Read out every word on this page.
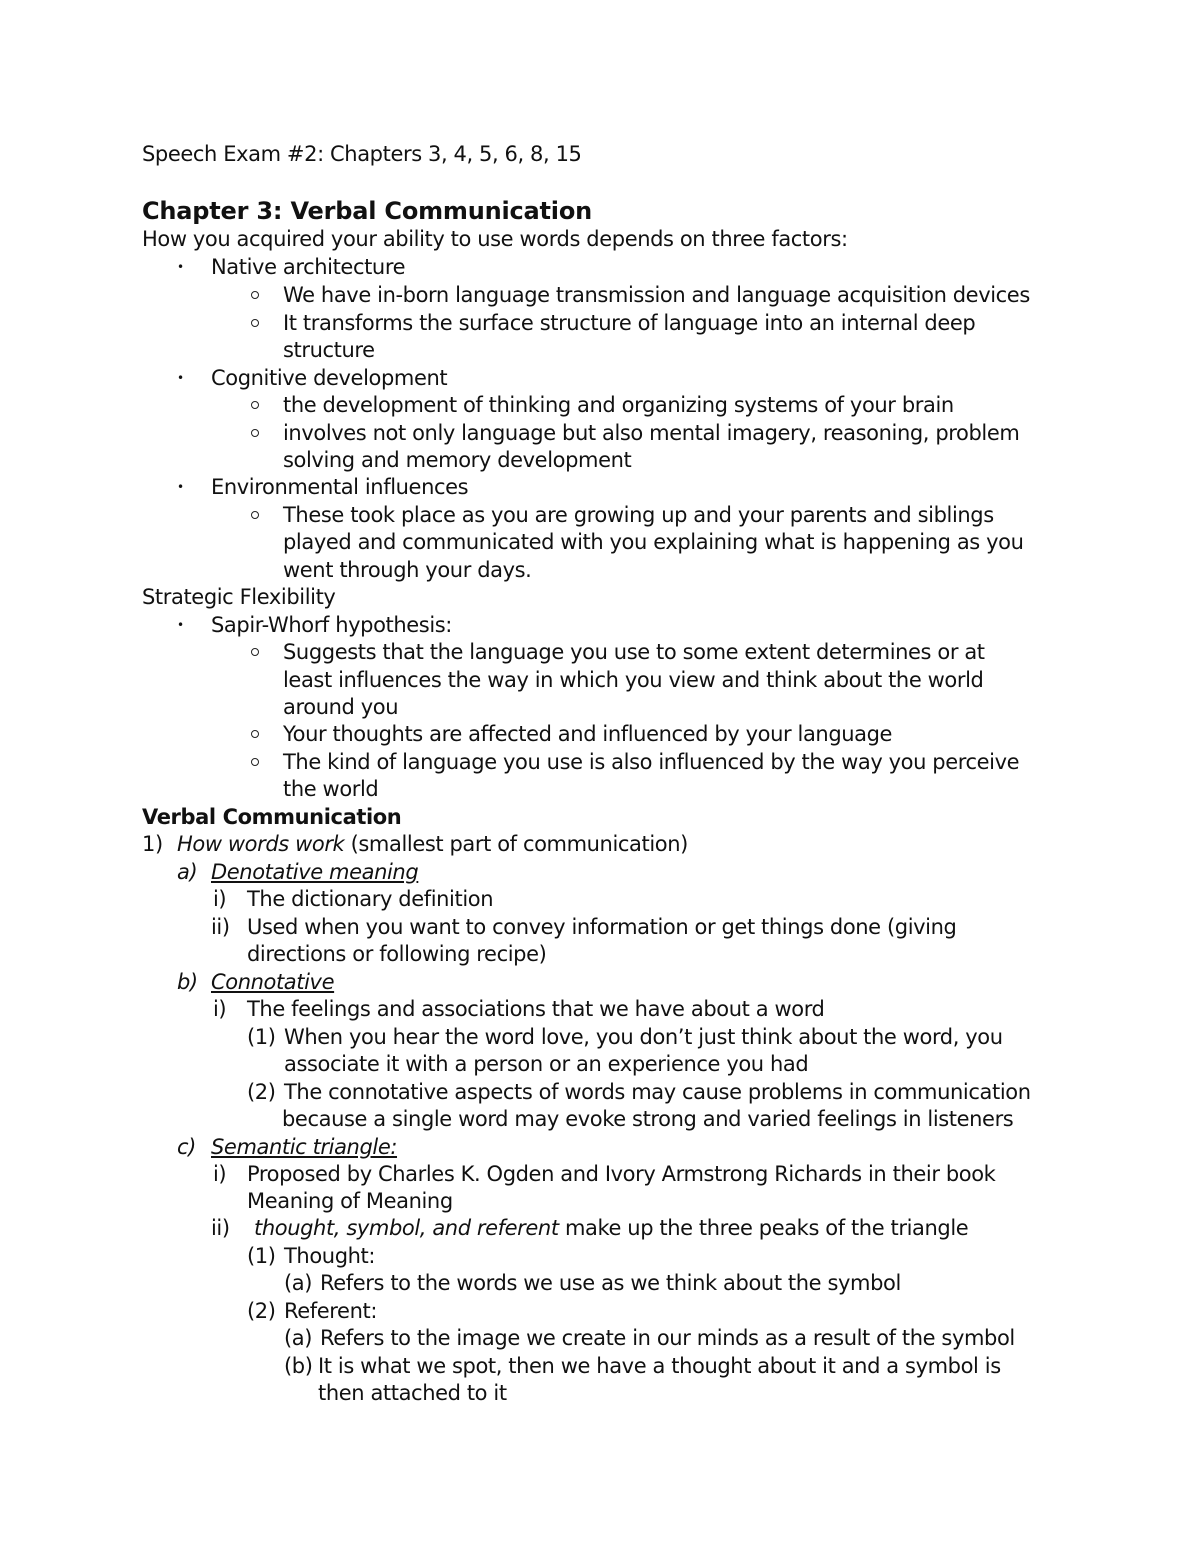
Speech Exam #2: Chapters 3, 4, 5, 6, 8, 15
Chapter 3: Verbal Communication
How you acquired your ability to use words depends on three factors:
• Native architecture
We have in-born language transmission and language acquisition devices
It transforms the surface structure of language into an internal deep
structure
• Cognitive development
the development of thinking and organizing systems of your brain
involves not only language but also mental imagery, reasoning, problem
solving and memory development
• Environmental influences
These took place as you are growing up and your parents and siblings
played and communicated with you explaining what is happening as you
went through your days.
Strategic Flexibility
• Sapir-Whorf hypothesis:
Suggests that the language you use to some extent determines or at
least influences the way in which you view and think about the world
around you
Your thoughts are affected and influenced by your language
The kind of language you use is also influenced by the way you perceive
the world
Verbal Communication
1) How words work (smallest part of communication)
a) Denotative meaning
i) The dictionary definition
ii) Used when you want to convey information or get things done (giving
directions or following recipe)
b) Connotative
i) The feelings and associations that we have about a word
(1) When you hear the word love, you don’t just think about the word, you
associate it with a person or an experience you had
(2) The connotative aspects of words may cause problems in communication
because a single word may evoke strong and varied feelings in listeners
c) Semantic triangle:
i) Proposed by Charles K. Ogden and Ivory Armstrong Richards in their book
Meaning of Meaning
ii) thought, symbol, and referent make up the three peaks of the triangle
(1) Thought:
(a) Refers to the words we use as we think about the symbol
(2) Referent:
(a) Refers to the image we create in our minds as a result of the symbol
(b) It is what we spot, then we have a thought about it and a symbol is
then attached to it
